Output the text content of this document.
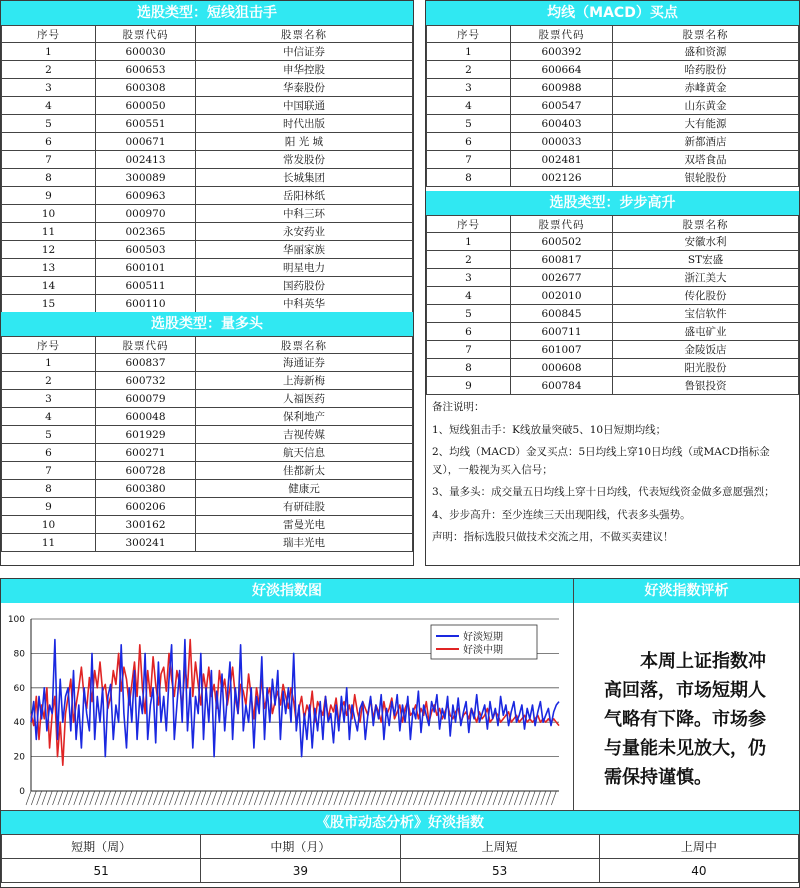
选股类型：短线狙击手
序号	股票代码	股票名称
1	600030	中信证券
2	600653	申华控股
3	600308	华泰股份
4	600050	中国联通
5	600551	时代出版
6	000671	阳 光 城
7	002413	常发股份
8	300089	长城集团
9	600963	岳阳林纸
10	000970	中科三环
11	002365	永安药业
12	600503	华丽家族
13	600101	明星电力
14	600511	国药股份
15	600110	中科英华
选股类型：量多头
序号	股票代码	股票名称
1	600837	海通证券
2	600732	上海新梅
3	600079	人福医药
4	600048	保利地产
5	601929	吉视传媒
6	600271	航天信息
7	600728	佳都新太
8	600380	健康元
9	600206	有研硅股
10	300162	雷曼光电
11	300241	瑞丰光电
均线（MACD）买点
序号	股票代码	股票名称
1	600392	盛和资源
2	600664	哈药股份
3	600988	赤峰黄金
4	600547	山东黄金
5	600403	大有能源
6	000033	新都酒店
7	002481	双塔食品
8	002126	银轮股份
选股类型：步步高升
序号	股票代码	股票名称
1	600502	安徽水利
2	600817	ST宏盛
3	002677	浙江美大
4	002010	传化股份
5	600845	宝信软件
6	600711	盛屯矿业
7	601007	金陵饭店
8	000608	阳光股份
9	600784	鲁银投资
备注说明：
1、短线狙击手：K线放量突破5、10日短期均线；
2、均线（MACD）金叉买点：5日均线上穿10日均线（或MACD指标金叉），一般视为买入信号；
3、量多头：成交量五日均线上穿十日均线，代表短线资金做多意愿强烈；
4、步步高升：至少连续三天出现阳线，代表多头强势。
声明：指标选股只做技术交流之用，不做买卖建议！
好淡指数图
0
20
40
60
80
100
好淡短期
好淡中期
好淡指数评析
本周上证指数冲高回落，市场短期人气略有下降。市场参与量能未见放大，仍需保持谨慎。
《股市动态分析》好淡指数
短期（周）	中期（月）	上周短	上周中
51	39	53	40
